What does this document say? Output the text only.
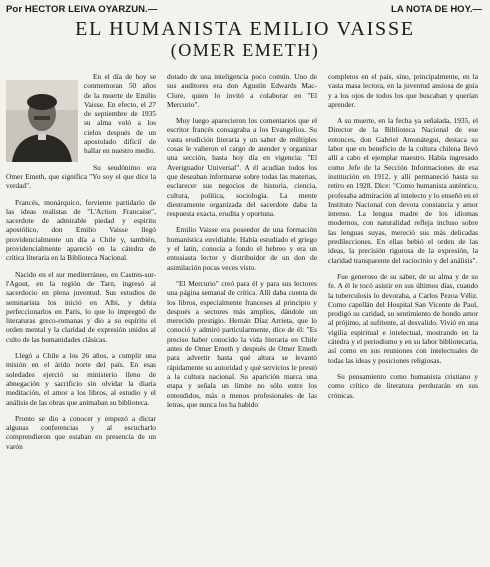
Por HECTOR LEIVA OYARZUN.—	LA NOTA DE HOY.—
EL HUMANISTA EMILIO VAISSE
(OMER EMETH)

En el día de hoy se conmemoran 50 años de la muerte de Emilio Vaisse. En efecto, el 27 de septiembre de 1935 su alma voló a los cielos después de un apostolado difícil de hallar en nuestro medio.

Su seudónimo era Omer Emeth, que significa "Yo soy el que dice la verdad".

Francés, monárquico, ferviente partidario de las ideas realistas de "L'Action Francaise", sacerdote de admirable piedad y espíritu apostólico, don Emilio Vaisse llegó providencialmente un día a Chile y, también, providencialmente apareció en la cátedra de crítica literaria en la Biblioteca Nacional.

Nacido en el sur mediterráneo, en Castres-sur-l'Agout, en la región de Tarn, ingresó al sacerdocio en plena juventud. Sus estudios de seminarista los inició en Albi, y debía perfeccionarlos en París, lo que lo impregnó de literaturas greco-romanas y dio a su espíritu el orden mental y la claridad de expresión unidos al culto de las humanidades clásicas.

Llegó a Chile a los 26 años, a cumplir una misión en el árido norte del país. En esas soledades ejerció su ministerio lleno de abnegación y sacrificio sin olvidar la diaria meditación, el amor a los libros, al estudio y el análisis de las obras que animaban su biblioteca.

Pronto se dio a conocer y empezó a dictar algunas conferencias y al escucharlo comprendieron que estaban en presencia de un varón

dotado de una inteligencia poco común. Uno de sus auditores era don Agustín Edwards Mac-Clure, quien lo invitó a colaborar en "El Mercurio".

Muy luego aparecieron los comentarios que el escritor francés consagraba a los Evangelios. Su vasta erudición literaria y un saber de múltiples cosas le valieron el cargo de atender y organizar una sección, hasta hoy día en vigencia: "El Averiguador Universal". A él acudían todos los que deseaban informarse sobre todas las materias, esclarecer sus negocios de historia, ciencia, cultura, política, sociología. La mente diestramente organizada del sacerdote daba la respuesta exacta, erudita y oportuna.

Emilio Vaisse era poseedor de una formación humanística envidiable. Había estudiado el griego y el latín, conocía a fondo el hebreo y era un entusiasta lector y distribuidor de un don de asimilación pocas veces visto.

"El Mercurio" creó para él y para sus lectores una página semanal de crítica. Allí daba cuenta de los libros, especialmente franceses al principio y después a sectores más amplios, dándole un merecido prestigio. Hernán Díaz Arrieta, que lo conoció y admiró particularmente, dice de él: "Es preciso haber conocido la vida literaria en Chile antes de Omer Emeth y después de Omer Emeth para advertir hasta qué altura se levantó rápidamente su autoridad y qué servicios le prestó a la cultura nacional. Su aparición marca una etapa y señala un límite no sólo entre los entendidos, más o menos profesionales de las letras, que nunca los ha habido

completos en el país, sino, principalmente, en la vasta masa lectora, en la juventud ansiosa de guía y a los ojos de todos los que buscaban y querían aprender.

A su muerte, en la fecha ya señalada, 1935, el Director de la Biblioteca Nacional de ese entonces, don Gabriel Amunátegui, destaca su labor que en beneficio de la cultura chilena llevó allí a cabo el ejemplar maestro. Había ingresado como Jefe de la Sección Informaciones de esa institución en 1912, y allí permaneció hasta su retiro en 1928. Dice: "Como humanista auténtico, profesaba admiración al intelecto y lo enseñó en el Instituto Nacional con devota constancia y amor intenso. La lengua madre de los idiomas modernos, con naturalidad refleja incluso sobre las lenguas suyas, mereció sus más delicadas predilecciones. En ellas bebió el orden de las ideas, la precisión rigurosa de la expresión, la claridad transparente del raciocinio y del análisis".

Fue generoso de su saber, de su alma y de su fe. A él le tocó asistir en sus últimos días, cuando la tuberculosis lo devoraba, a Carlos Pezoa Véliz. Como capellán del Hospital San Vicente de Paul, prodigó su caridad, su sentimiento de hondo amor al prójimo, al sufriente, al desvalido. Vivió en una vigilia espiritual e intelectual, mostrando en la cátedra y el periodismo y en su labor bibliotecaria, así como en sus reuniones con intelectuales de todas las ideas y posiciones religiosas.

Su pensamiento como humanista cristiano y como crítico de literatura perdurarán en sus crónicas.
